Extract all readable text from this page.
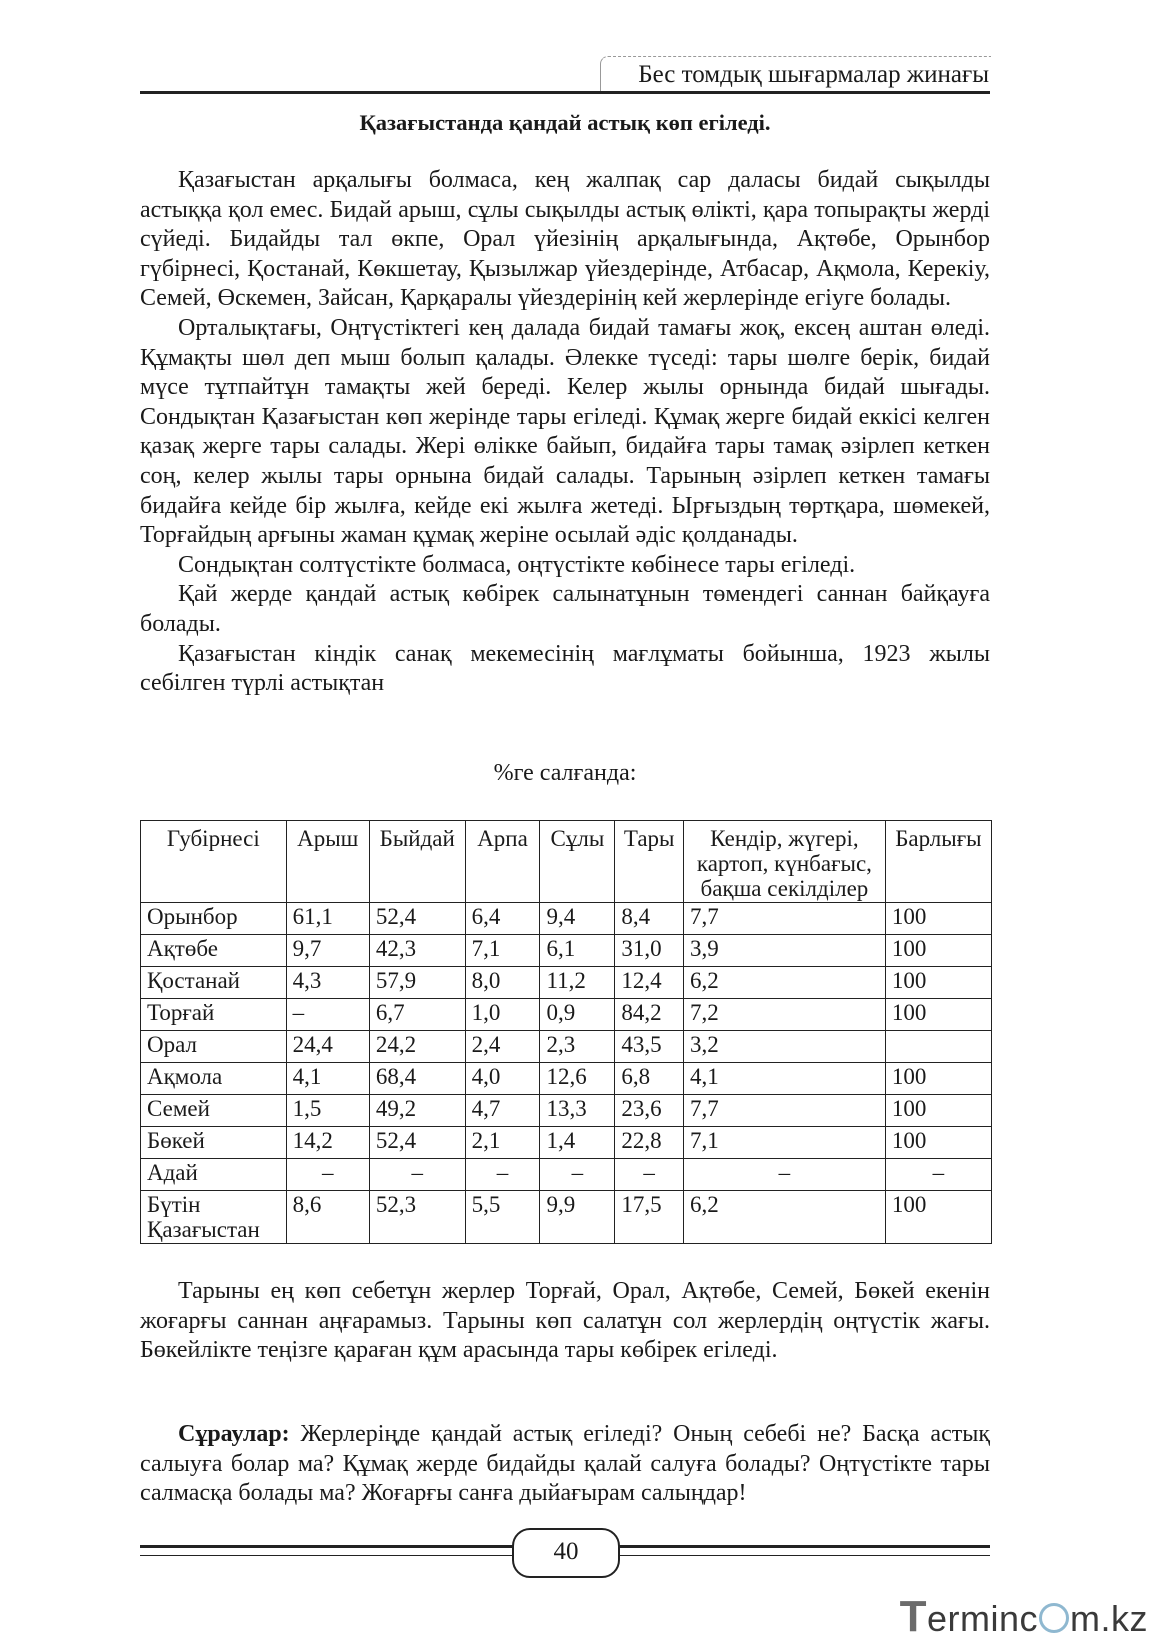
Бес томдық шығармалар жинағы
Қазағыстанда қандай астық көп егіледі.

Қазағыстан арқалығы болмаса, кең жалпақ сар даласы бидай сықылды астыққа қол емес. Бидай арыш, сұлы сықылды астық өлікті, қара топырақты жерді сүйеді. Бидайды тал өкпе, Орал үйезінің арқалығында, Ақтөбе, Орынбор гүбірнесі, Қостанай, Көкшетау, Қызылжар үйездерінде, Атбасар, Ақмола, Керекіу, Семей, Өскемен, Зайсан, Қарқаралы үйездерінің кей жерлерінде егіуге болады.

Орталықтағы, Оңтүстіктегі кең далада бидай тамағы жоқ, ексең аштан өледі. Құмақты шөл деп мыш болып қалады. Әлекке түседі: тары шөлге берік, бидай мүсе тұтпайтұн тамақты жей береді. Келер жылы орнында бидай шығады. Сондықтан Қазағыстан көп жерінде тары егіледі. Құмақ жерге бидай еккісі келген қазақ жерге тары салады. Жері өлікке байып, бидайға тары тамақ әзірлеп кеткен соң, келер жылы тары орнына бидай салады. Тарының әзірлеп кеткен тамағы бидайға кейде бір жылға, кейде екі жылға жетеді. Ырғыздың төртқара, шөмекей, Торғайдың арғыны жаман құмақ жеріне осылай әдіс қолданады.

Сондықтан солтүстікте болмаса, оңтүстікте көбінесе тары егіледі.

Қай жерде қандай астық көбірек салынатұнын төмендегі саннан байқауға болады.

Қазағыстан кіндік санақ мекемесінің мағлұматы бойынша, 1923 жылы себілген түрлі астықтан

%ге салғанда:
Губірнесі	Арыш	Быйдай	Арпа	Сұлы	Тары	Кендір, жүгері, картоп, күнбағыс, бақша секілділер	Барлығы
Орынбор	61,1	52,4	6,4	9,4	8,4	7,7	100
Ақтөбе	9,7	42,3	7,1	6,1	31,0	3,9	100
Қостанай	4,3	57,9	8,0	11,2	12,4	6,2	100
Торғай	–	6,7	1,0	0,9	84,2	7,2	100
Орал	24,4	24,2	2,4	2,3	43,5	3,2	
Ақмола	4,1	68,4	4,0	12,6	6,8	4,1	100
Семей	1,5	49,2	4,7	13,3	23,6	7,7	100
Бөкей	14,2	52,4	2,1	1,4	22,8	7,1	100
Адай	–	–	–	–	–	–	–
Бүтін Қазағыстан	8,6	52,3	5,5	9,9	17,5	6,2	100

Тарыны ең көп себетұн жерлер Торғай, Орал, Ақтөбе, Семей, Бөкей екенін жоғарғы саннан аңғарамыз. Тарыны көп салатұн сол жерлердің оңтүстік жағы. Бөкейлікте теңізге қараған құм арасында тары көбірек егіледі.

Сұраулар: Жерлеріңде қандай астық егіледі? Оның себебі не? Басқа астық салыуға болар ма? Құмақ жерде бидайды қалай салуға болады? Оңтүстікте тары салмасқа болады ма? Жоғарғы санға дыйағырам салыңдар!

40
Terminc m.kz
